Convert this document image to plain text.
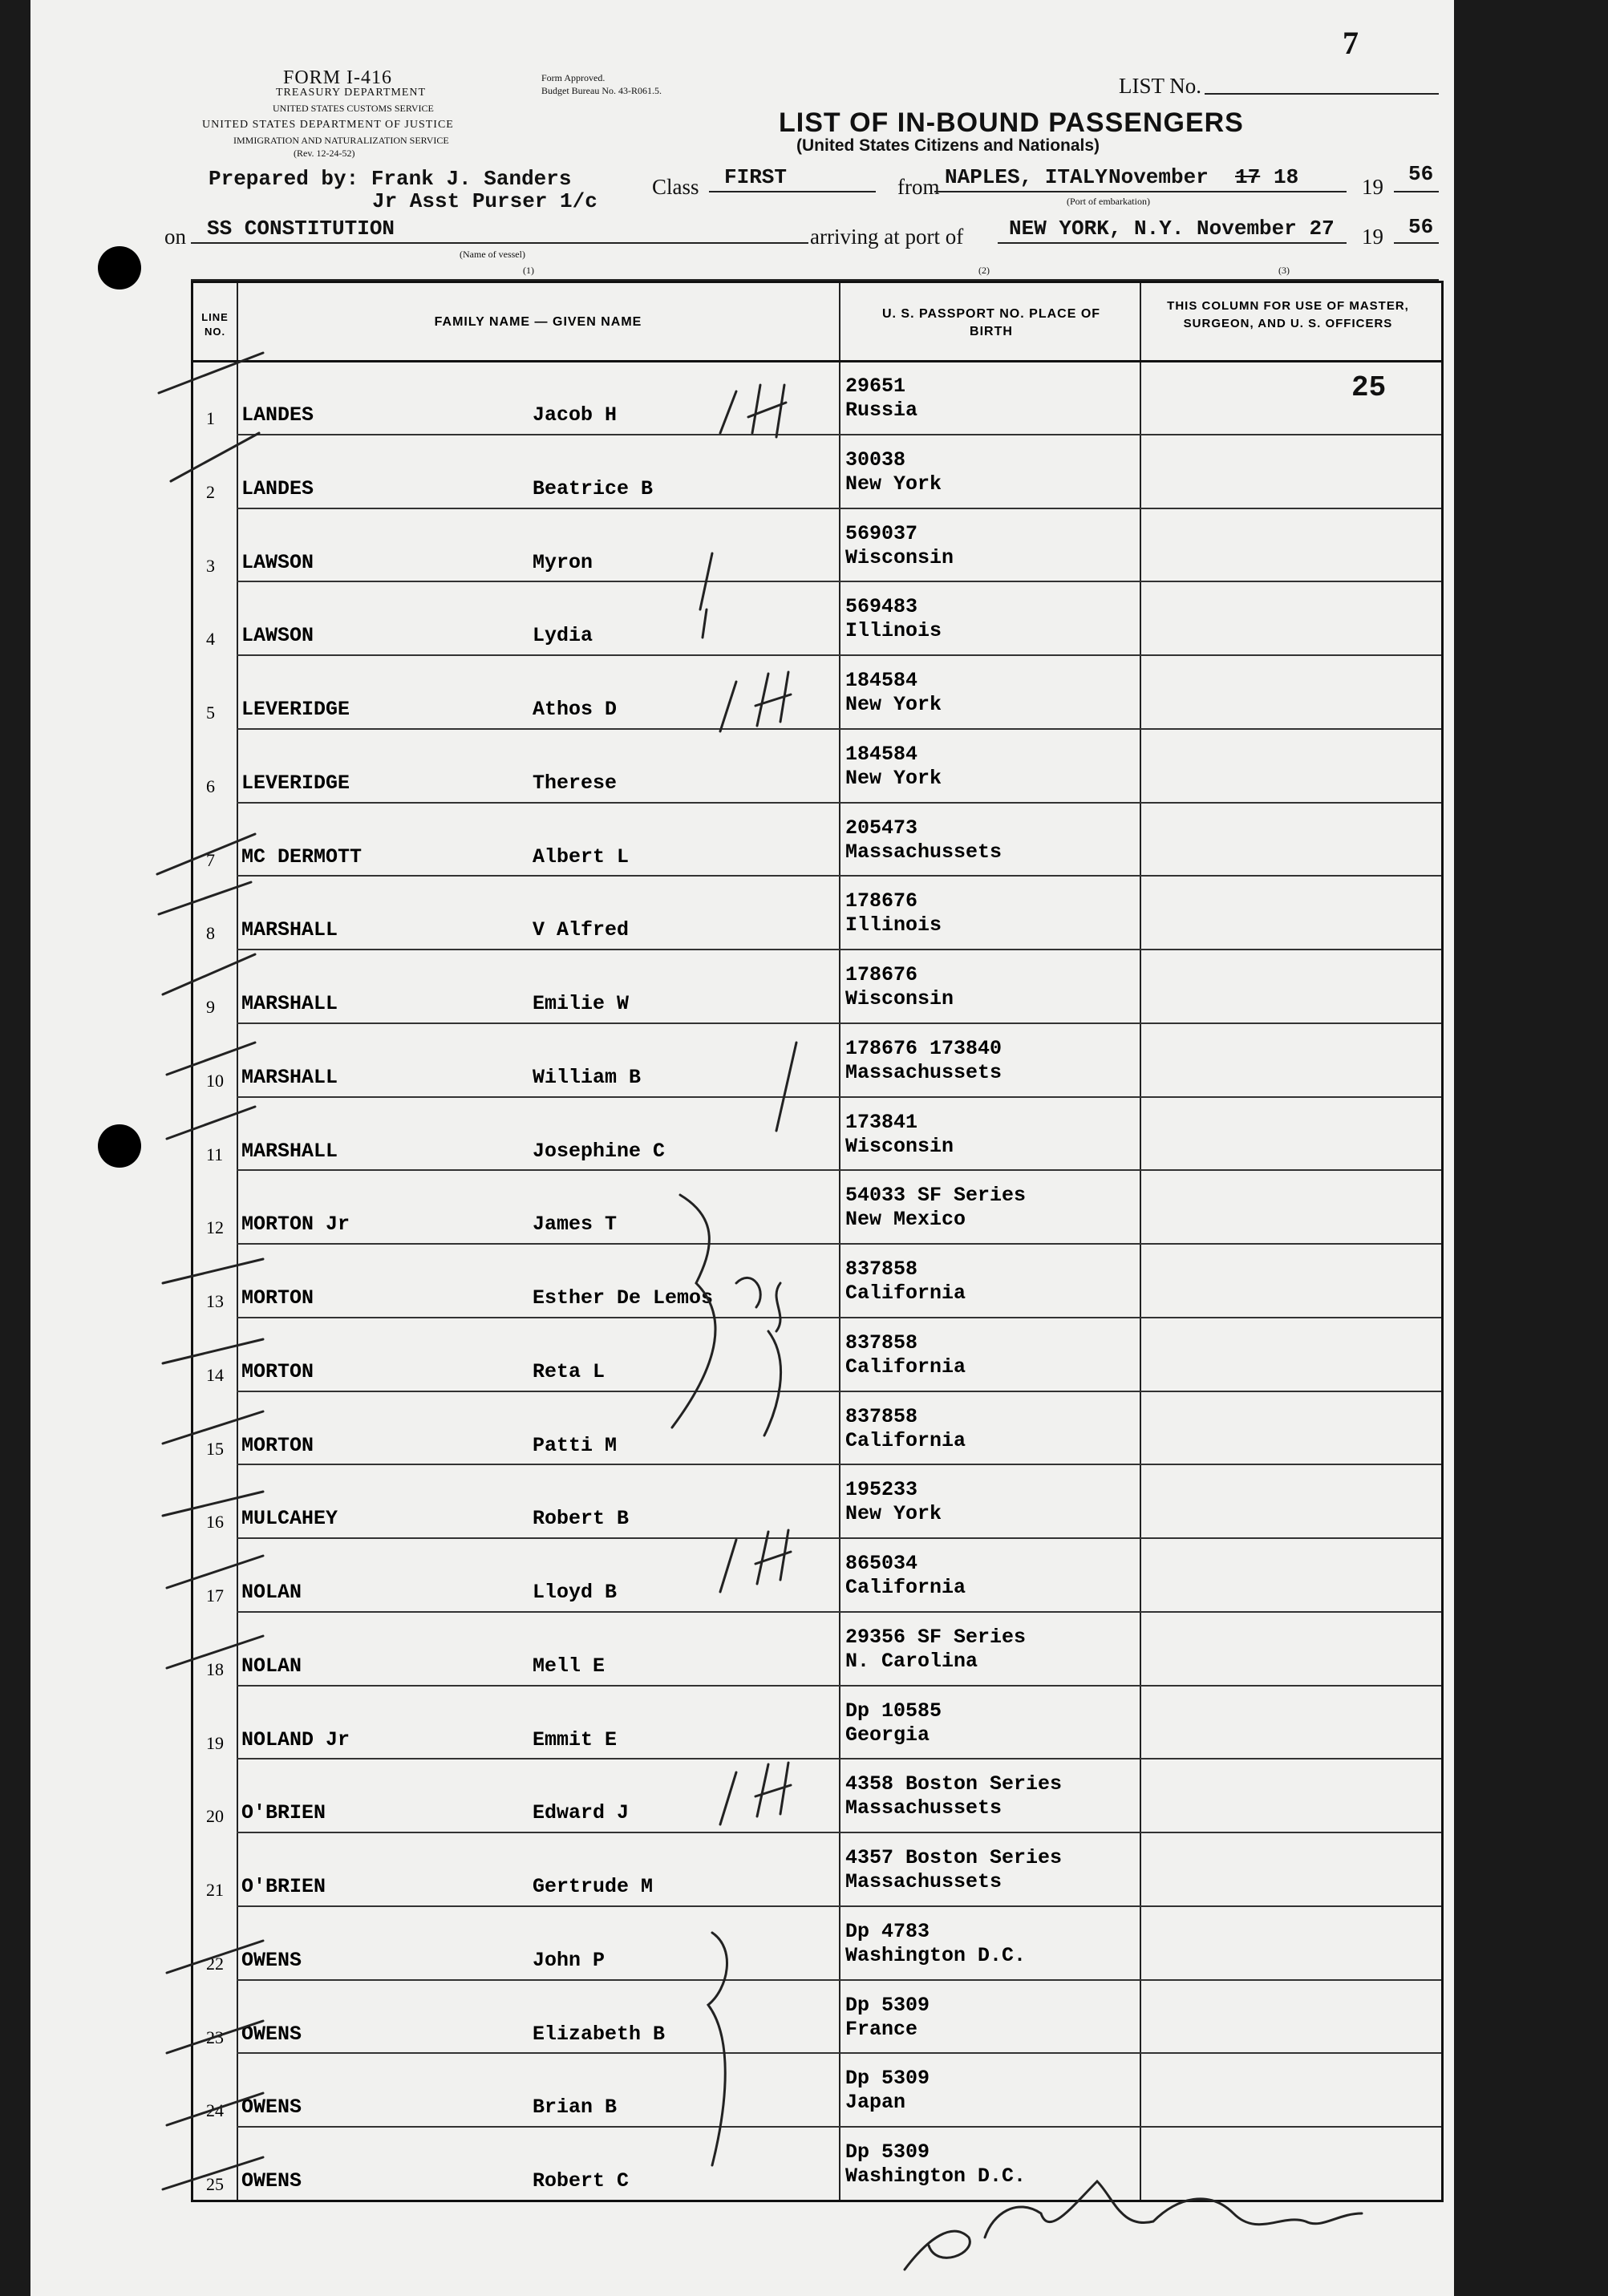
FORM I-416
TREASURY DEPARTMENT
UNITED STATES CUSTOMS SERVICE
UNITED STATES DEPARTMENT OF JUSTICE
IMMIGRATION AND NATURALIZATION SERVICE
(Rev. 12-24-52)
Form Approved.
Budget Bureau No. 43-R061.5.	LIST No.
7
LIST OF IN-BOUND PASSENGERS
(United States Citizens and Nationals)
Prepared by: Frank J. Sanders
Jr Asst Purser 1/c
Class FIRST	from NAPLES, ITALY November 17 18	19
56
(Port of embarkation)
on SS CONSTITUTION	arriving at port of NEW YORK, N.Y. November 27 19 56
(Name of vessel)
(1)	(2)	(3)
LINE NO.
FAMILY NAME — GIVEN NAME
U. S. PASSPORT NO. PLACE OF BIRTH
THIS COLUMN FOR USE OF MASTER, SURGEON, AND U. S. OFFICERS
25
1 LANDES	Jacob H
29651
Russia
2 LANDES	Beatrice B
30038
New York
3 LAWSON	Myron
569037
Wisconsin
4 LAWSON	Lydia
569483
Illinois
5 LEVERIDGE	Athos D
184584
New York
6 LEVERIDGE	Therese
184584
New York
7 MC DERMOTT	Albert L
205473
Massachussets
8 MARSHALL	V Alfred
178676
Illinois
9 MARSHALL	Emilie W
178676
Wisconsin
10 MARSHALL	William B
178676 173840
Massachussets
11 MARSHALL	Josephine C
173841
Wisconsin
12 MORTON Jr	James T
54033 SF Series
New Mexico
13 MORTON	Esther De Lemos
837858
California
14 MORTON	Reta L
837858
California
15 MORTON	Patti M
837858
California
16 MULCAHEY	Robert B
195233
New York
17 NOLAN	Lloyd B
865034
California
18 NOLAN	Mell E
29356 SF Series
N. Carolina
19 NOLAND Jr	Emmit E
Dp 10585
Georgia
20 O'BRIEN	Edward J
4358 Boston Series
Massachussets
21 O'BRIEN	Gertrude M
4357 Boston Series
Massachussets
22 OWENS	John P
Dp 4783
Washington D.C.
23 OWENS	Elizabeth B
Dp 5309
France
24 OWENS	Brian B
Dp 5309
Japan
25 OWENS	Robert C
Dp 5309
Washington D.C.
